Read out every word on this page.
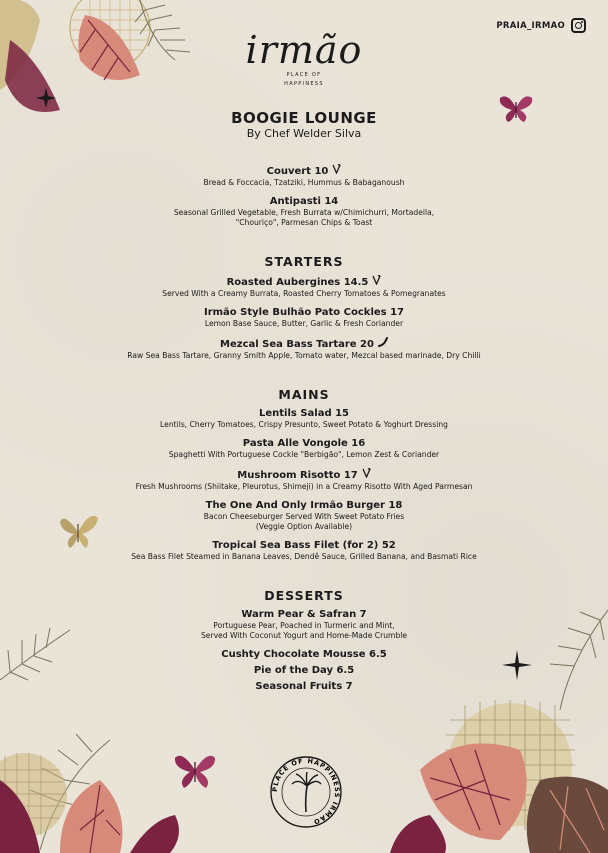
PLACE OF HAPPINESS IRMAO
PRAIA_IRMAO
irmão
PLACE OF
HAPPINESS
BOOGIE LOUNGE
By Chef Welder Silva
Couvert 10
Bread & Foccacia, Tzatziki, Hummus & Babaganoush
Antipasti 14
Seasonal Grilled Vegetable, Fresh Burrata w/Chimichurri, Mortadella,
"Chouriço", Parmesan Chips & Toast
STARTERS
Roasted Aubergines 14.5
Served With a Creamy Burrata, Roasted Cherry Tomatoes & Pomegranates
Irmão Style Bulhão Pato Cockles 17
Lemon Base Sauce, Butter, Garlic & Fresh Coriander
Mezcal Sea Bass Tartare 20
Raw Sea Bass Tartare, Granny Smith Apple, Tomato water, Mezcal based marinade, Dry Chilli
MAINS
Lentils Salad 15
Lentils, Cherry Tomatoes, Crispy Presunto, Sweet Potato & Yoghurt Dressing
Pasta Alle Vongole 16
Spaghetti With Portuguese Cockle "Berbigão", Lemon Zest & Coriander
Mushroom Risotto 17
Fresh Mushrooms (Shiitake, Pleurotus, Shimeji) in a Creamy Risotto With Aged Parmesan
The One And Only Irmão Burger 18
Bacon Cheeseburger Served With Sweet Potato Fries
(Veggie Option Available)
Tropical Sea Bass Filet (for 2) 52
Sea Bass Filet Steamed in Banana Leaves, Dendê Sauce, Grilled Banana, and Basmati Rice
DESSERTS
Warm Pear & Safran 7
Portuguese Pear, Poached in Turmeric and Mint,
Served With Coconut Yogurt and Home-Made Crumble
Cushty Chocolate Mousse 6.5
Pie of the Day 6.5
Seasonal Fruits 7
